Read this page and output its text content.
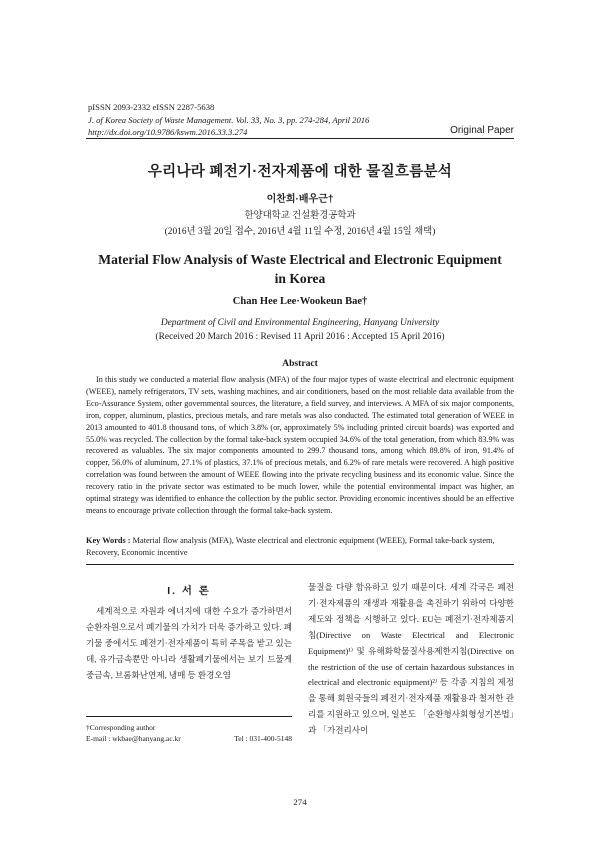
pISSN 2093-2332 eISSN 2287-5638
J. of Korea Society of Waste Management. Vol. 33, No. 3, pp. 274-284, April 2016
http://dx.doi.org/10.9786/kswm.2016.33.3.274	Original Paper
우리나라 폐전기·전자제품에 대한 물질흐름분석
이찬희·배우근†
한양대학교 건설환경공학과
(2016년 3월 20일 접수, 2016년 4월 11일 수정, 2016년 4월 15일 채택)
Material Flow Analysis of Waste Electrical and Electronic Equipment
in Korea
Chan Hee Lee·Wookeun Bae†
Department of Civil and Environmental Engineering, Hanyang University
(Received 20 March 2016 : Revised 11 April 2016 : Accepted 15 April 2016)
Abstract

In this study we conducted a material flow analysis (MFA) of the four major types of waste electrical and electronic equipment (WEEE), namely refrigerators, TV sets, washing machines, and air conditioners, based on the most reliable data available from the Eco-Assurance System, other governmental sources, the literature, a field survey, and interviews. A MFA of six major components, iron, copper, aluminum, plastics, precious metals, and rare metals was also conducted. The estimated total generation of WEEE in 2013 amounted to 401.8 thousand tons, of which 3.8% (or, approximately 5% including printed circuit boards) was exported and 55.0% was recycled. The collection by the formal take-back system occupied 34.6% of the total generation, from which 83.9% was recovered as valuables. The six major components amounted to 299.7 thousand tons, among which 89.8% of iron, 91.4% of copper, 56.0% of aluminum, 27.1% of plastics, 37.1% of precious metals, and 6.2% of rare metals were recovered. A high positive correlation was found between the amount of WEEE flowing into the private recycling business and its economic value. Since the recovery ratio in the private sector was estimated to be much lower, while the potential environmental impact was higher, an optimal strategy was identified to enhance the collection by the public sector. Providing economic incentives should be an effective means to encourage private collection through the formal take-back system.

Key Words : Material flow analysis (MFA), Waste electrical and electronic equipment (WEEE), Formal take-back system, Recovery, Economic incentive

I. 서 론

세계적으로 자원과 에너지에 대한 수요가 증가하면서 순환자원으로서 폐기물의 가치가 더욱 증가하고 있다. 폐기물 중에서도 폐전기·전자제품이 특히 주목을 받고 있는데, 유가금속뿐만 아니라 생활폐기물에서는 보기 드물게 중금속, 브롬화난연제, 냉매 등 환경오염

물질을 다량 함유하고 있기 때문이다. 세계 각국은 폐전기·전자제품의 재생과 재활용을 촉진하기 위하여 다양한 제도와 정책을 시행하고 있다. EU는 폐전기·전자제품지침(Directive on Waste Electrical and Electronic Equipment)¹⁾ 및 유해화학물질사용제한지침(Directive on the restriction of the use of certain hazardous substances in electrical and electronic equipment)²⁾ 등 각종 지침의 제정을 통해 회원국들의 폐전기·전자제품 재활용과 철저한 관리를 지원하고 있으며, 일본도 「순환형사회형성기본법」과 「가전리사이

†Corresponding author
E-mail : wkbae@hanyang.ac.kr	Tel : 031-400-5148
274
